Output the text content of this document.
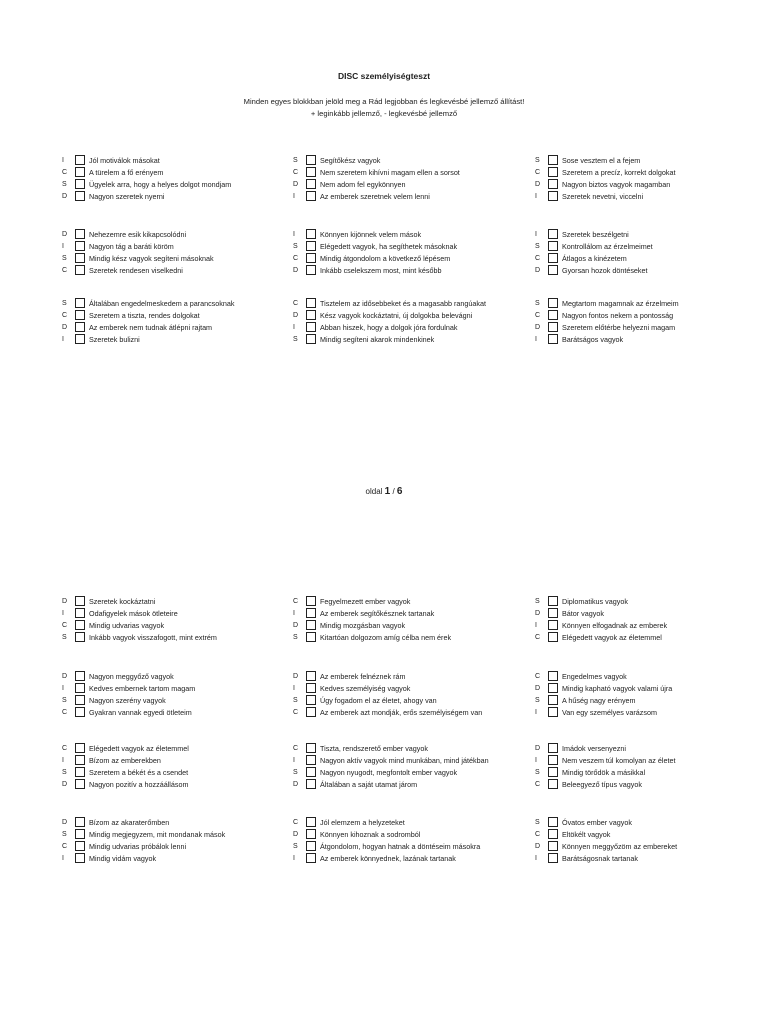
DISC személyiségteszt
Minden egyes blokkban jelöld meg a Rád legjobban és legkevésbé jellemző állítást!
+ leginkább jellemző, - legkevésbé jellemző
oldal 1 / 6
I	Jól motiválok másokat
C	A türelem a fő erényem
S	Ügyelek arra, hogy a helyes dolgot mondjam
D	Nagyon szeretek nyerni
S	Segítőkész vagyok
C	Nem szeretem kihívni magam ellen a sorsot
D	Nem adom fel egykönnyen
I	Az emberek szeretnek velem lenni
S	Sose vesztem el a fejem
C	Szeretem a precíz, korrekt dolgokat
D	Nagyon biztos vagyok magamban
I	Szeretek nevetni, viccelni
D	Nehezemre esik kikapcsolódni
I	Nagyon tág a baráti köröm
S	Mindig kész vagyok segíteni másoknak
C	Szeretek rendesen viselkedni
I	Könnyen kijönnek velem mások
S	Elégedett vagyok, ha segíthetek másoknak
C	Mindig átgondolom a következő lépésem
D	Inkább cselekszem most, mint később
I	Szeretek beszélgetni
S	Kontrollálom az érzelmeimet
C	Átlagos a kinézetem
D	Gyorsan hozok döntéseket
S	Általában engedelmeskedem a parancsoknak
C	Szeretem a tiszta, rendes dolgokat
D	Az emberek nem tudnak átlépni rajtam
I	Szeretek bulizni
C	Tisztelem az idősebbeket és a magasabb rangúakat
D	Kész vagyok kockáztatni, új dolgokba belevágni
I	Abban hiszek, hogy a dolgok jóra fordulnak
S	Mindig segíteni akarok mindenkinek
S	Megtartom magamnak az érzelmeim
C	Nagyon fontos nekem a pontosság
D	Szeretem előtérbe helyezni magam
I	Barátságos vagyok
D	Szeretek kockáztatni
I	Odafigyelek mások ötleteire
C	Mindig udvarias vagyok
S	Inkább vagyok visszafogott, mint extrém
C	Fegyelmezett ember vagyok
I	Az emberek segítőkésznek tartanak
D	Mindig mozgásban vagyok
S	Kitartóan dolgozom amíg célba nem érek
S	Diplomatikus vagyok
D	Bátor vagyok
I	Könnyen elfogadnak az emberek
C	Elégedett vagyok az életemmel
D	Nagyon meggyőző vagyok
I	Kedves embernek tartom magam
S	Nagyon szerény vagyok
C	Gyakran vannak egyedi ötleteim
D	Az emberek felnéznek rám
I	Kedves személyiség vagyok
S	Úgy fogadom el az életet, ahogy van
C	Az emberek azt mondják, erős személyiségem van
C	Engedelmes vagyok
D	Mindig kapható vagyok valami újra
S	A hűség nagy erényem
I	Van egy személyes varázsom
C	Elégedett vagyok az életemmel
I	Bízom az emberekben
S	Szeretem a békét és a csendet
D	Nagyon pozitív a hozzáállásom
C	Tiszta, rendszerető ember vagyok
I	Nagyon aktív vagyok mind munkában, mind játékban
S	Nagyon nyugodt, megfontolt ember vagyok
D	Általában a saját utamat járom
D	Imádok versenyezni
I	Nem veszem túl komolyan az életet
S	Mindig törődök a másikkal
C	Beleegyező típus vagyok
D	Bízom az akaraterőmben
S	Mindig megjegyzem, mit mondanak mások
C	Mindig udvarias próbálok lenni
I	Mindig vidám vagyok
C	Jól elemzem a helyzeteket
D	Könnyen kihoznak a sodromból
S	Átgondolom, hogyan hatnak a döntéseim másokra
I	Az emberek könnyednek, lazának tartanak
S	Óvatos ember vagyok
C	Eltökélt vagyok
D	Könnyen meggyőzöm az embereket
I	Barátságosnak tartanak
